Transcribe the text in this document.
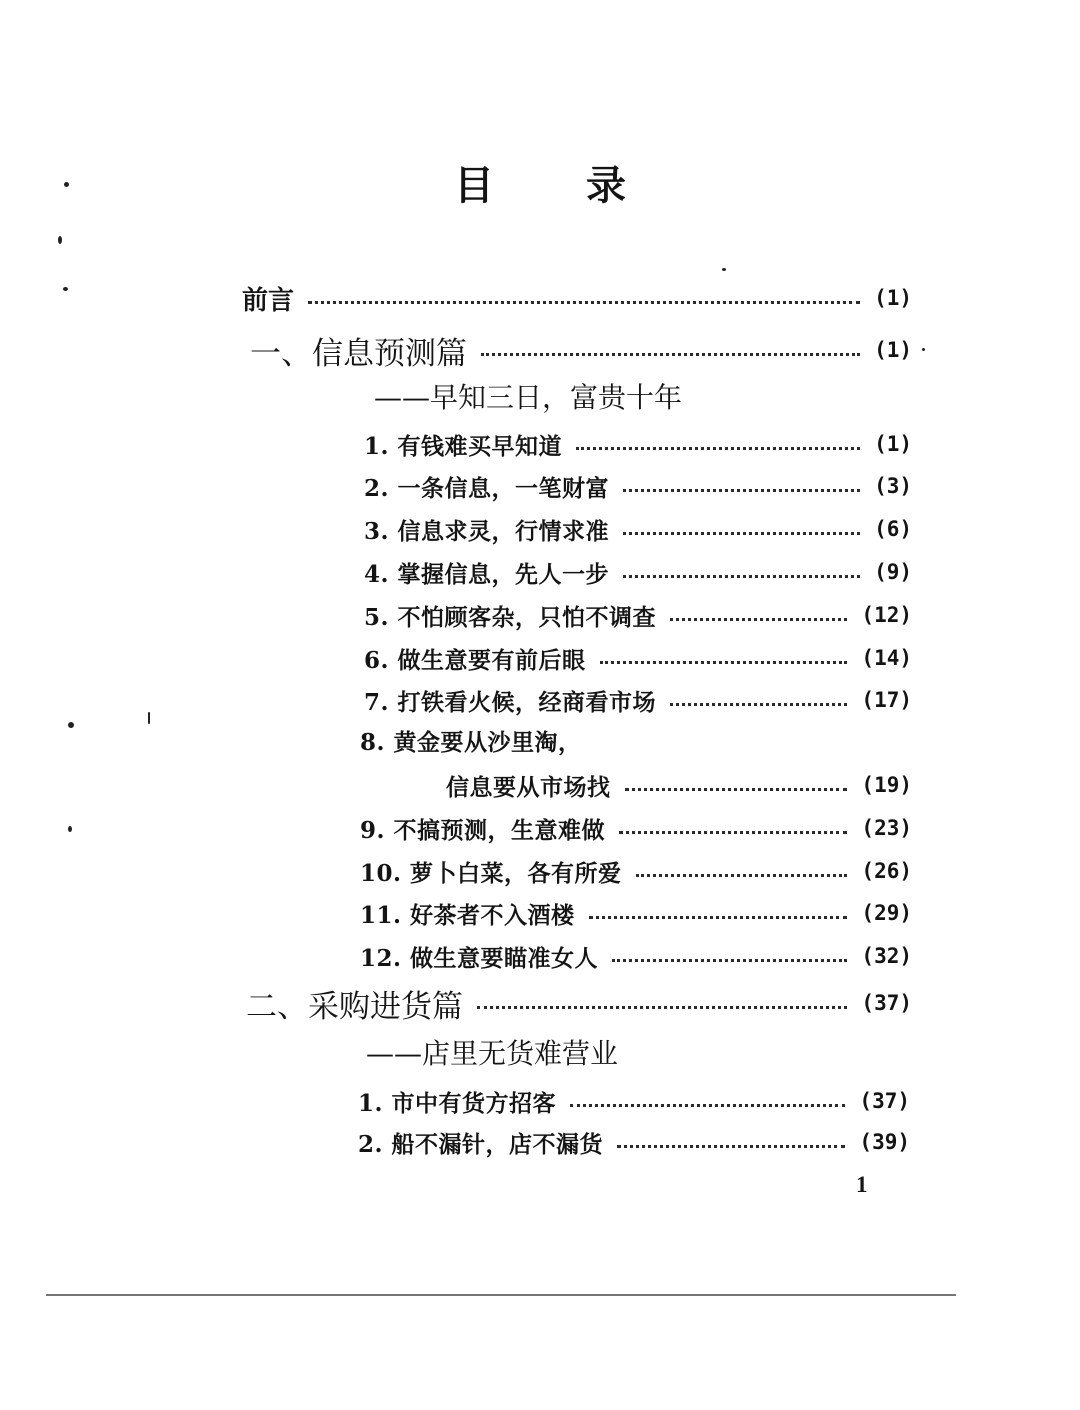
目 录
前言	(1)
一、信息预测篇	(1)
——早知三日，富贵十年
1. 有钱难买早知道	(1)
2. 一条信息，一笔财富	(3)
3. 信息求灵，行情求准	(6)
4. 掌握信息，先人一步	(9)
5. 不怕顾客杂，只怕不调查	(12)
6. 做生意要有前后眼	(14)
7. 打铁看火候，经商看市场	(17)
8. 黄金要从沙里淘，
信息要从市场找	(19)
9. 不搞预测，生意难做	(23)
10. 萝卜白菜，各有所爱	(26)
11. 好茶者不入酒楼	(29)
12. 做生意要瞄准女人	(32)
二、采购进货篇	(37)
——店里无货难营业
1. 市中有货方招客	(37)
2. 船不漏针，店不漏货	(39)
1
